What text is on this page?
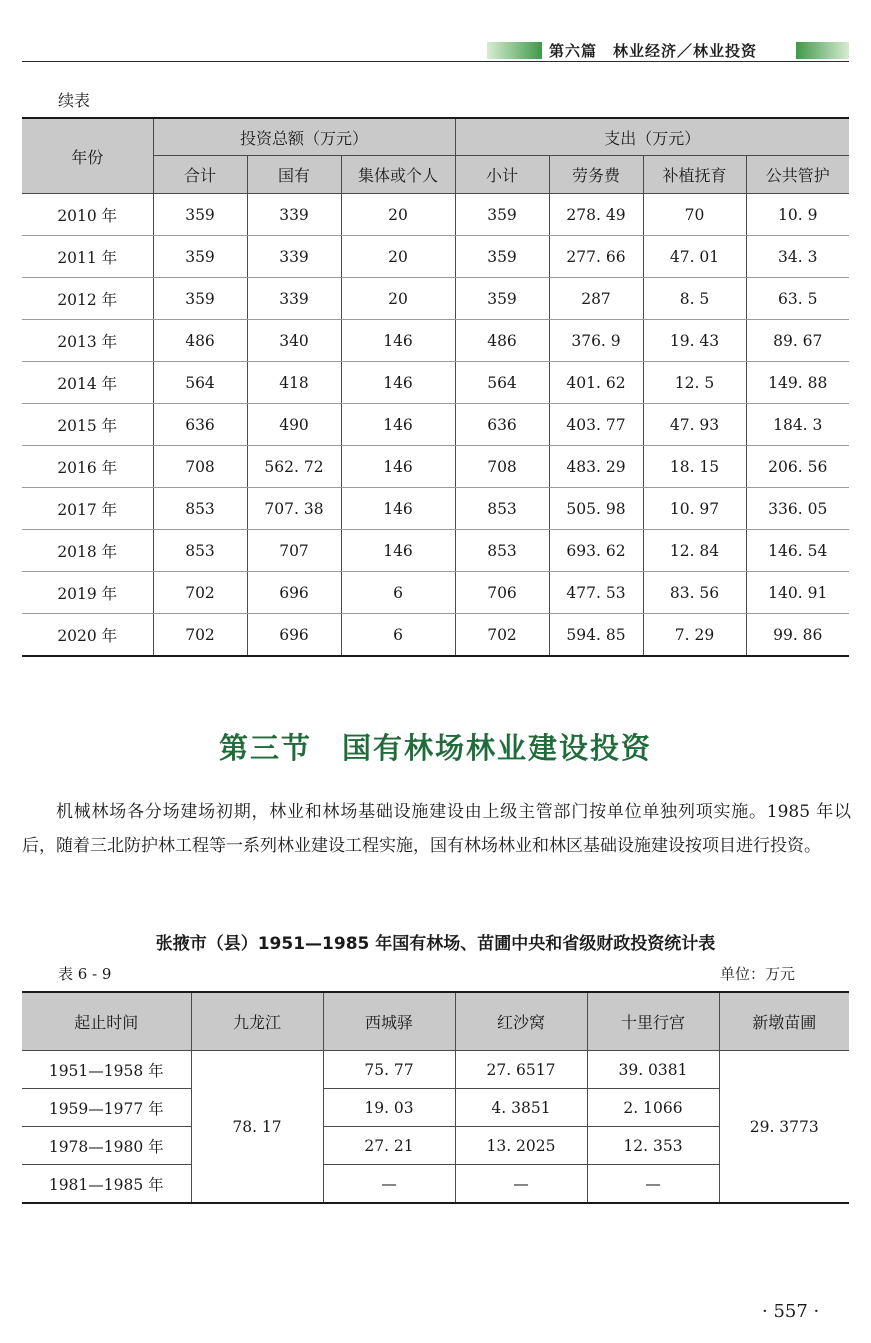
第六篇　林业经济／林业投资
续表
年份	投资总额（万元）			支出（万元）			
	合计	国有	集体或个人	小计	劳务费	补植抚育	公共管护
2010 年	359	339	20	359	278. 49	70	10. 9
2011 年	359	339	20	359	277. 66	47. 01	34. 3
2012 年	359	339	20	359	287	8. 5	63. 5
2013 年	486	340	146	486	376. 9	19. 43	89. 67
2014 年	564	418	146	564	401. 62	12. 5	149. 88
2015 年	636	490	146	636	403. 77	47. 93	184. 3
2016 年	708	562. 72	146	708	483. 29	18. 15	206. 56
2017 年	853	707. 38	146	853	505. 98	10. 97	336. 05
2018 年	853	707	146	853	693. 62	12. 84	146. 54
2019 年	702	696	6	706	477. 53	83. 56	140. 91
2020 年	702	696	6	702	594. 85	7. 29	99. 86
第三节 国有林场林业建设投资
机械林场各分场建场初期，林业和林场基础设施建设由上级主管部门按单位单独列项实施。1985 年以后，随着三北防护林工程等一系列林业建设工程实施，国有林场林业和林区基础设施建设按项目进行投资。
张掖市（县）1951—1985 年国有林场、苗圃中央和省级财政投资统计表
表 6 - 9	单位：万元
起止时间	九龙江	西城驿	红沙窝	十里行宫	新墩苗圃
1951—1958 年	78. 17	75. 77	27. 6517	39. 0381	29. 3773
1959—1977 年		19. 03	4. 3851	2. 1066	
1978—1980 年		27. 21	13. 2025	12. 353	
1981—1985 年		—	—	—	
· 557 ·
